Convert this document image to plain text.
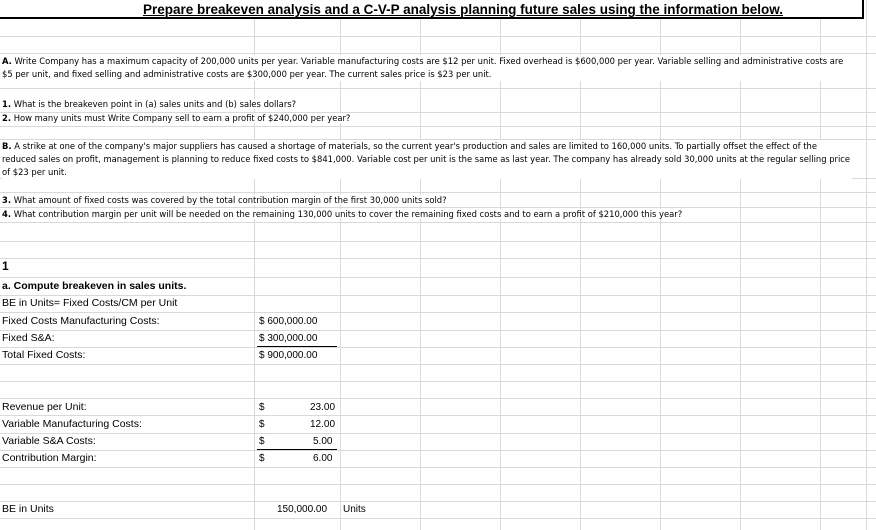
Prepare breakeven analysis and a C-V-P analysis planning future sales using the information below.
A. Write Company has a maximum capacity of 200,000 units per year. Variable manufacturing costs are $12 per unit. Fixed overhead is $600,000 per year. Variable selling and administrative costs are $5 per unit, and fixed selling and administrative costs are $300,000 per year. The current sales price is $23 per unit.
1. What is the breakeven point in (a) sales units and (b) sales dollars?
2. How many units must Write Company sell to earn a profit of $240,000 per year?
B. A strike at one of the company's major suppliers has caused a shortage of materials, so the current year's production and sales are limited to 160,000 units. To partially offset the effect of the reduced sales on profit, management is planning to reduce fixed costs to $841,000. Variable cost per unit is the same as last year. The company has already sold 30,000 units at the regular selling price of $23 per unit.
3. What amount of fixed costs was covered by the total contribution margin of the first 30,000 units sold?
4. What contribution margin per unit will be needed on the remaining 130,000 units to cover the remaining fixed costs and to earn a profit of $210,000 this year?
1
a. Compute breakeven in sales units.
BE in Units= Fixed Costs/CM per Unit
Fixed Costs Manufacturing Costs:	$ 600,000.00
Fixed S&A:	$ 300,000.00
Total Fixed Costs:	$ 900,000.00
Revenue per Unit:	$	23.00
Variable Manufacturing Costs:	$	12.00
Variable S&A Costs:	$	5.00
Contribution Margin:	$	6.00
BE in Units	150,000.00 Units
